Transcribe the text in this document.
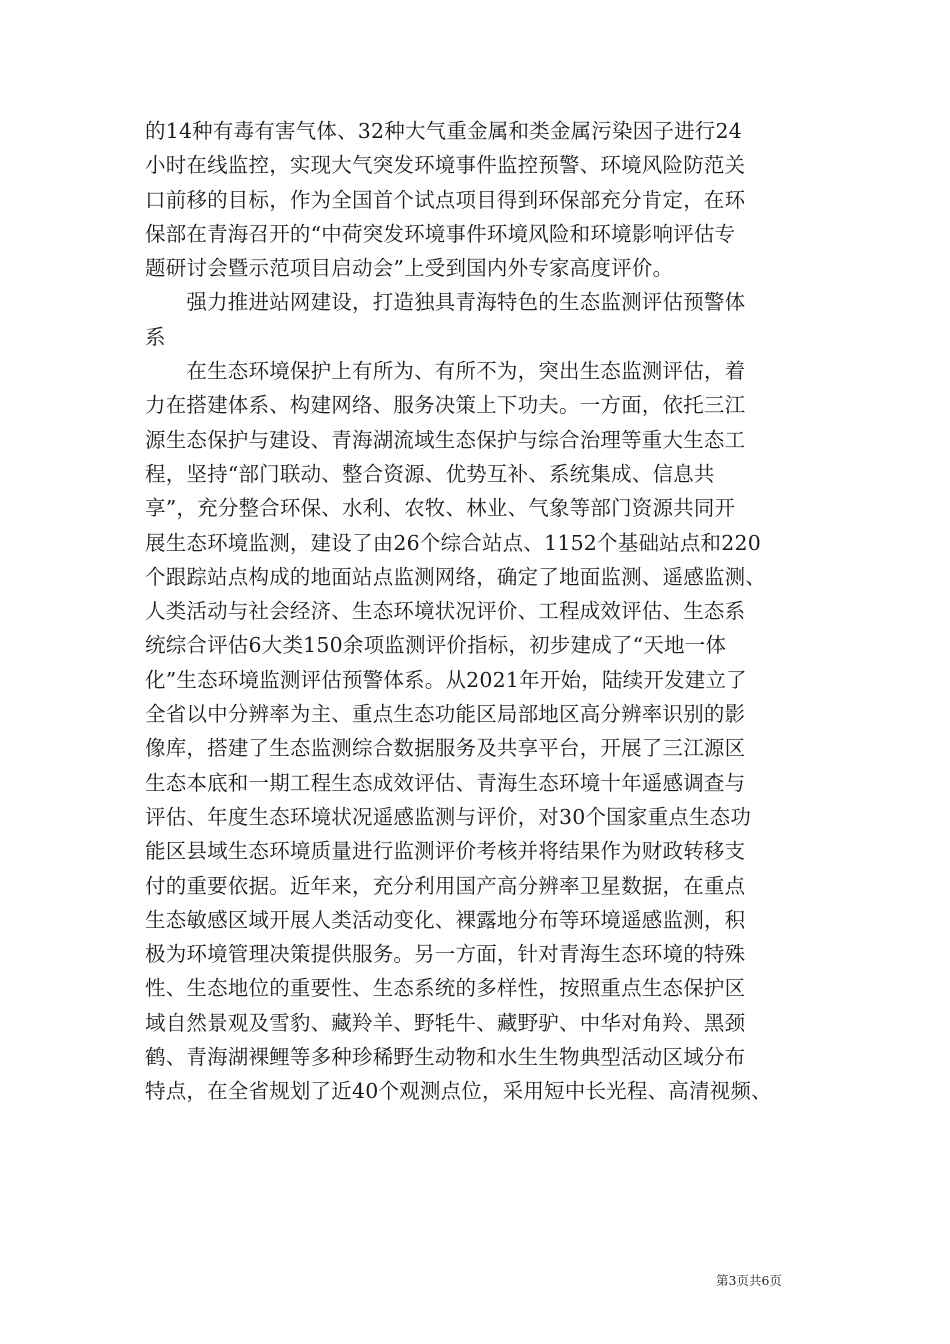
的14种有毒有害气体、32种大气重金属和类金属污染因子进行24
小时在线监控，实现大气突发环境事件监控预警、环境风险防范关
口前移的目标，作为全国首个试点项目得到环保部充分肯定，在环
保部在青海召开的“中荷突发环境事件环境风险和环境影响评估专
题研讨会暨示范项目启动会”上受到国内外专家高度评价。
　　强力推进站网建设，打造独具青海特色的生态监测评估预警体
系
　　在生态环境保护上有所为、有所不为，突出生态监测评估，着
力在搭建体系、构建网络、服务决策上下功夫。一方面，依托三江
源生态保护与建设、青海湖流域生态保护与综合治理等重大生态工
程，坚持“部门联动、整合资源、优势互补、系统集成、信息共
享”，充分整合环保、水利、农牧、林业、气象等部门资源共同开
展生态环境监测，建设了由26个综合站点、1152个基础站点和220
个跟踪站点构成的地面站点监测网络，确定了地面监测、遥感监测、
人类活动与社会经济、生态环境状况评价、工程成效评估、生态系
统综合评估6大类150余项监测评价指标，初步建成了“天地一体
化”生态环境监测评估预警体系。从2021年开始，陆续开发建立了
全省以中分辨率为主、重点生态功能区局部地区高分辨率识别的影
像库，搭建了生态监测综合数据服务及共享平台，开展了三江源区
生态本底和一期工程生态成效评估、青海生态环境十年遥感调查与
评估、年度生态环境状况遥感监测与评价，对30个国家重点生态功
能区县域生态环境质量进行监测评价考核并将结果作为财政转移支
付的重要依据。近年来，充分利用国产高分辨率卫星数据，在重点
生态敏感区域开展人类活动变化、裸露地分布等环境遥感监测，积
极为环境管理决策提供服务。另一方面，针对青海生态环境的特殊
性、生态地位的重要性、生态系统的多样性，按照重点生态保护区
域自然景观及雪豹、藏羚羊、野牦牛、藏野驴、中华对角羚、黑颈
鹤、青海湖裸鲤等多种珍稀野生动物和水生生物典型活动区域分布
特点，在全省规划了近40个观测点位，采用短中长光程、高清视频、
第3页共6页
